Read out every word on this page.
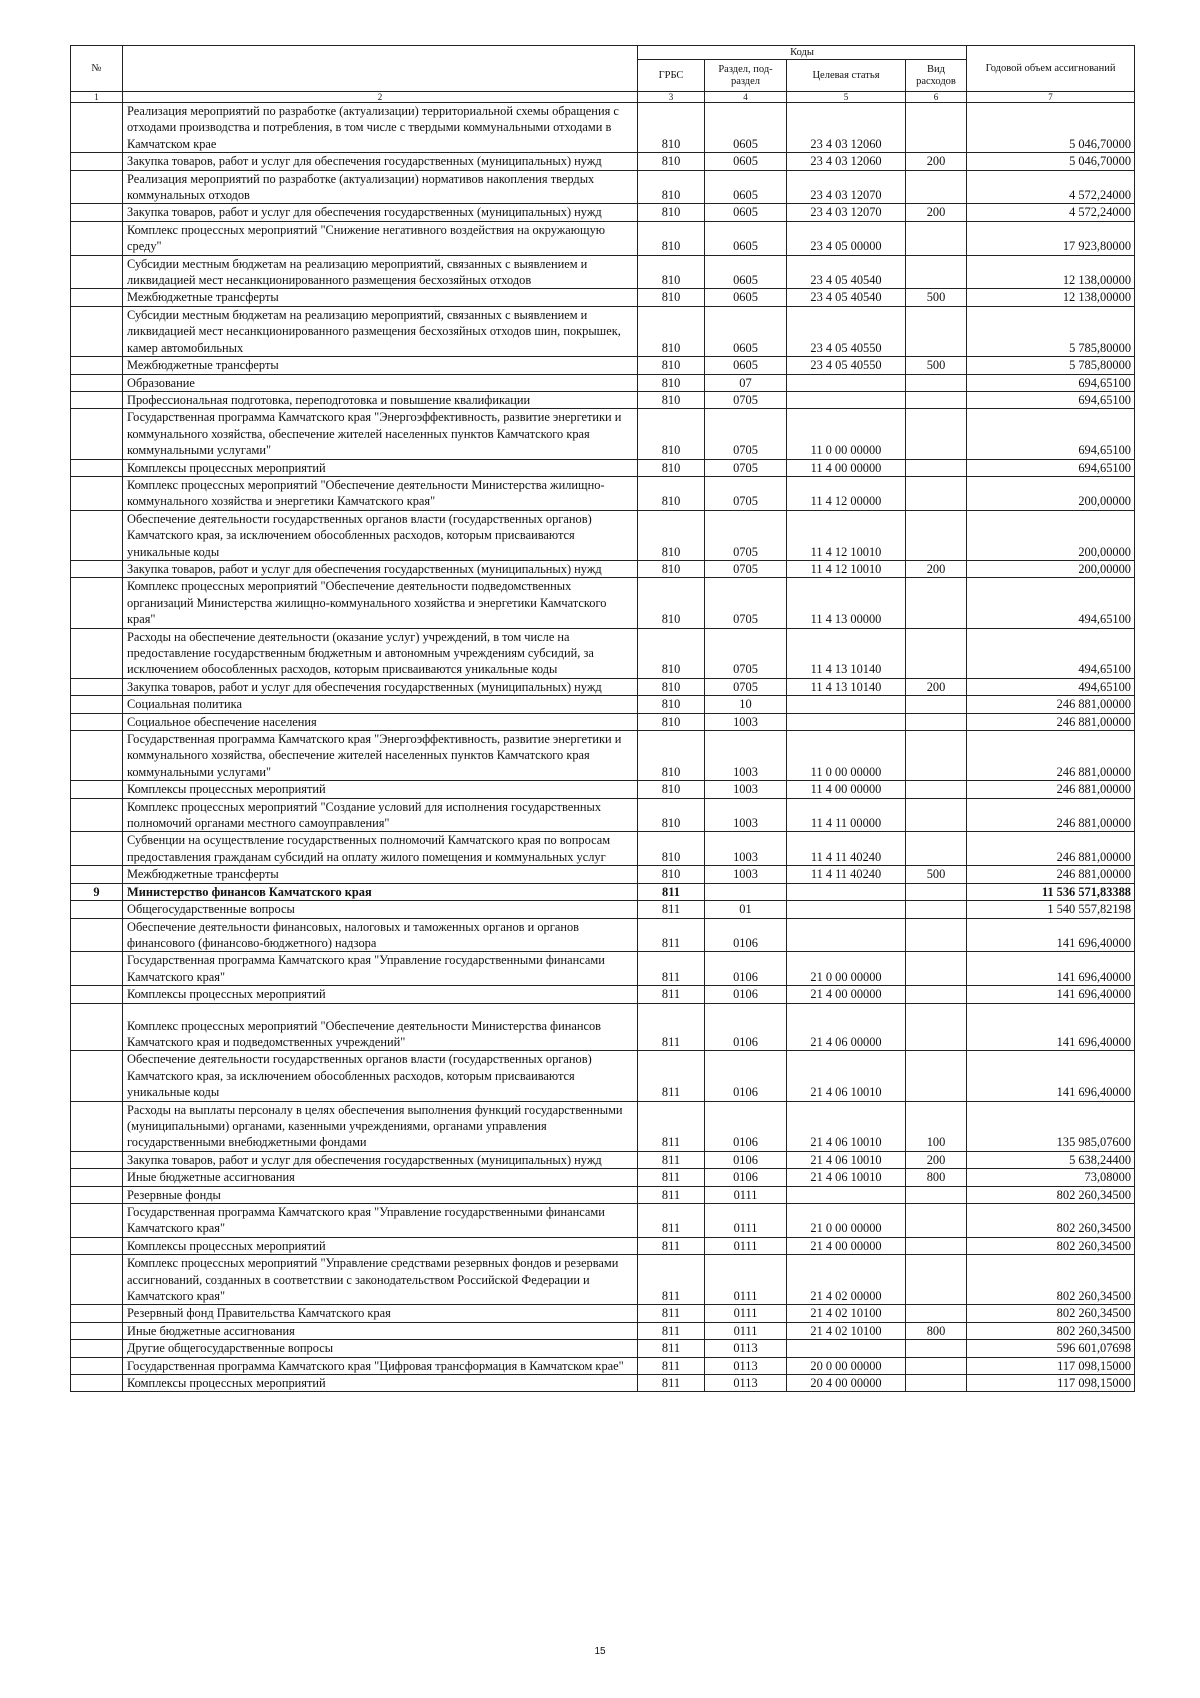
№		Коды				Годовой объем ассигнований
		ГРБС	Раздел, под-раздел	Целевая статья	Вид расходов	
1	2	3	4	5	6	7
	Реализация мероприятий по разработке (актуализации) территориальной схемы обращения с отходами производства и потребления, в том числе с твердыми коммунальными отходами в Камчатском крае	810	0605	23 4 03 12060		5 046,70000
	Закупка товаров, работ и услуг для обеспечения государственных (муниципальных) нужд	810	0605	23 4 03 12060	200	5 046,70000
	Реализация мероприятий по разработке (актуализации) нормативов накопления твердых коммунальных отходов	810	0605	23 4 03 12070		4 572,24000
	Закупка товаров, работ и услуг для обеспечения государственных (муниципальных) нужд	810	0605	23 4 03 12070	200	4 572,24000
	Комплекс процессных мероприятий "Снижение негативного воздействия на окружающую среду"	810	0605	23 4 05 00000		17 923,80000
	Субсидии местным бюджетам на реализацию мероприятий, связанных с выявлением и ликвидацией мест несанкционированного размещения бесхозяйных отходов	810	0605	23 4 05 40540		12 138,00000
	Межбюджетные трансферты	810	0605	23 4 05 40540	500	12 138,00000
	Субсидии местным бюджетам на реализацию мероприятий, связанных с выявлением и ликвидацией мест несанкционированного размещения бесхозяйных отходов шин, покрышек, камер автомобильных	810	0605	23 4 05 40550		5 785,80000
	Межбюджетные трансферты	810	0605	23 4 05 40550	500	5 785,80000
	Образование	810	07			694,65100
	Профессиональная подготовка, переподготовка и повышение квалификации	810	0705			694,65100
	Государственная программа Камчатского края "Энергоэффективность, развитие энергетики и коммунального хозяйства, обеспечение жителей населенных пунктов Камчатского края коммунальными услугами"	810	0705	11 0 00 00000		694,65100
	Комплексы процессных мероприятий	810	0705	11 4 00 00000		694,65100
	Комплекс процессных мероприятий "Обеспечение деятельности Министерства жилищно-коммунального хозяйства и энергетики Камчатского края"	810	0705	11 4 12 00000		200,00000
	Обеспечение деятельности государственных органов власти (государственных органов) Камчатского края, за исключением обособленных расходов, которым присваиваются уникальные коды	810	0705	11 4 12 10010		200,00000
	Закупка товаров, работ и услуг для обеспечения государственных (муниципальных) нужд	810	0705	11 4 12 10010	200	200,00000
	Комплекс процессных мероприятий "Обеспечение деятельности подведомственных организаций Министерства жилищно-коммунального хозяйства и энергетики Камчатского края"	810	0705	11 4 13 00000		494,65100
	Расходы на обеспечение деятельности (оказание услуг) учреждений, в том числе на предоставление государственным бюджетным и автономным учреждениям субсидий, за исключением обособленных расходов, которым присваиваются уникальные коды	810	0705	11 4 13 10140		494,65100
	Закупка товаров, работ и услуг для обеспечения государственных (муниципальных) нужд	810	0705	11 4 13 10140	200	494,65100
	Социальная политика	810	10			246 881,00000
	Социальное обеспечение населения	810	1003			246 881,00000
	Государственная программа Камчатского края "Энергоэффективность, развитие энергетики и коммунального хозяйства, обеспечение жителей населенных пунктов Камчатского края коммунальными услугами"	810	1003	11 0 00 00000		246 881,00000
	Комплексы процессных мероприятий	810	1003	11 4 00 00000		246 881,00000
	Комплекс процессных мероприятий "Создание условий для исполнения государственных полномочий органами местного самоуправления"	810	1003	11 4 11 00000		246 881,00000
	Субвенции на осуществление государственных полномочий Камчатского края по вопросам предоставления гражданам субсидий на оплату жилого помещения и коммунальных услуг	810	1003	11 4 11 40240		246 881,00000
	Межбюджетные трансферты	810	1003	11 4 11 40240	500	246 881,00000
9	Министерство финансов Камчатского края	811				11 536 571,83388
	Общегосударственные вопросы	811	01			1 540 557,82198
	Обеспечение деятельности финансовых, налоговых и таможенных органов и органов финансового (финансово-бюджетного) надзора	811	0106			141 696,40000
	Государственная программа Камчатского края "Управление государственными финансами Камчатского края"	811	0106	21 0 00 00000		141 696,40000
	Комплексы процессных мероприятий	811	0106	21 4 00 00000		141 696,40000
	Комплекс процессных мероприятий "Обеспечение деятельности Министерства финансов Камчатского края и подведомственных учреждений"	811	0106	21 4 06 00000		141 696,40000
	Обеспечение деятельности государственных органов власти (государственных органов) Камчатского края, за исключением обособленных расходов, которым присваиваются уникальные коды	811	0106	21 4 06 10010		141 696,40000
	Расходы на выплаты персоналу в целях обеспечения выполнения функций государственными (муниципальными) органами, казенными учреждениями, органами управления государственными внебюджетными фондами	811	0106	21 4 06 10010	100	135 985,07600
	Закупка товаров, работ и услуг для обеспечения государственных (муниципальных) нужд	811	0106	21 4 06 10010	200	5 638,24400
	Иные бюджетные ассигнования	811	0106	21 4 06 10010	800	73,08000
	Резервные фонды	811	0111			802 260,34500
	Государственная программа Камчатского края "Управление государственными финансами Камчатского края"	811	0111	21 0 00 00000		802 260,34500
	Комплексы процессных мероприятий	811	0111	21 4 00 00000		802 260,34500
	Комплекс процессных мероприятий "Управление средствами резервных фондов и резервами ассигнований, созданных в соответствии с законодательством Российской Федерации и Камчатского края"	811	0111	21 4 02 00000		802 260,34500
	Резервный фонд Правительства Камчатского края	811	0111	21 4 02 10100		802 260,34500
	Иные бюджетные ассигнования	811	0111	21 4 02 10100	800	802 260,34500
	Другие общегосударственные вопросы	811	0113			596 601,07698
	Государственная программа Камчатского края "Цифровая трансформация в Камчатском крае"	811	0113	20 0 00 00000		117 098,15000
	Комплексы процессных мероприятий	811	0113	20 4 00 00000		117 098,15000
15
